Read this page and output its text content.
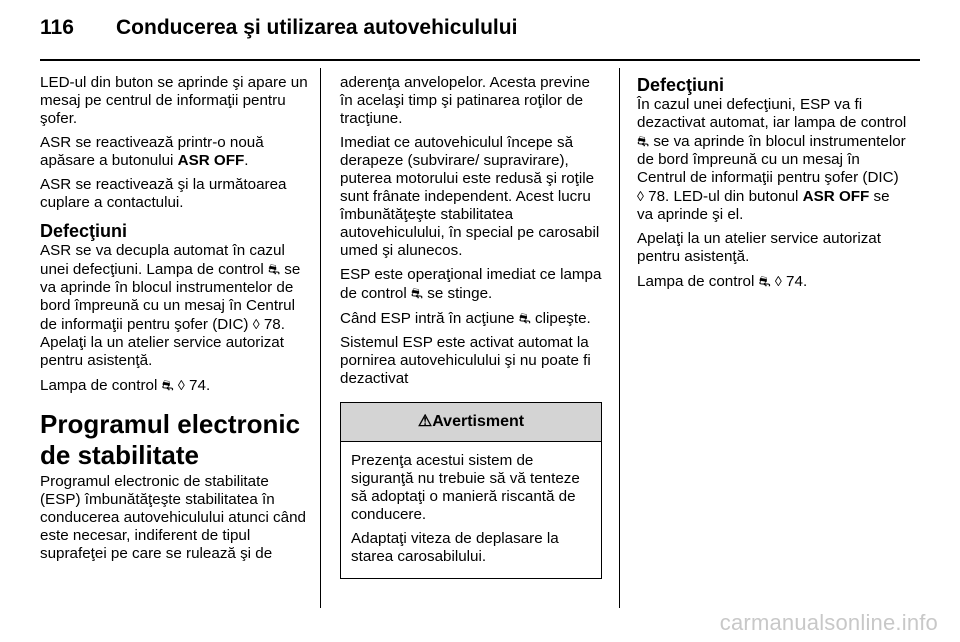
116 Conducerea şi utilizarea autovehiculului

LED-ul din buton se aprinde şi apare un mesaj pe centrul de informaţii pentru şofer.

ASR se reactivează printr-o nouă apăsare a butonului ASR OFF.

ASR se reactivează şi la următoarea cuplare a contactului.

Defecţiuni

ASR se va decupla automat în cazul unei defecţiuni. Lampa de control ⛐ se va aprinde în blocul instrumentelor de bord împreună cu un mesaj în Centrul de informaţii pentru şofer (DIC) ◊ 78. Apelaţi la un atelier service autorizat pentru asistenţă.

Lampa de control ⛐ ◊ 74.

Programul electronic de stabilitate

Programul electronic de stabilitate (ESP) îmbunătăţeşte stabilitatea în conducerea autovehiculului atunci când este necesar, indiferent de tipul suprafeţei pe care se rulează şi de

aderenţa anvelopelor. Acesta previne în acelaşi timp şi patinarea roţilor de tracţiune.

Imediat ce autovehiculul începe să derapeze (subvirare/ supravirare), puterea motorului este redusă şi roţile sunt frânate independent. Acest lucru îmbunătăţeşte stabilitatea autovehiculului, în special pe carosabil umed şi alunecos.

ESP este operaţional imediat ce lampa de control ⛐ se stinge.

Când ESP intră în acţiune ⛐ clipeşte.

Sistemul ESP este activat automat la pornirea autovehiculului şi nu poate fi dezactivat

⚠ Avertisment

Prezenţa acestui sistem de siguranţă nu trebuie să vă tenteze să adoptaţi o manieră riscantă de conducere.

Adaptaţi viteza de deplasare la starea carosabilului.

Defecţiuni

În cazul unei defecţiuni, ESP va fi dezactivat automat, iar lampa de control ⛐ se va aprinde în blocul instrumentelor de bord împreună cu un mesaj în Centrul de informaţii pentru şofer (DIC) ◊ 78. LED-ul din butonul ASR OFF se va aprinde şi el.

Apelaţi la un atelier service autorizat pentru asistenţă.

Lampa de control ⛐ ◊ 74.

carmanualsonline.info
